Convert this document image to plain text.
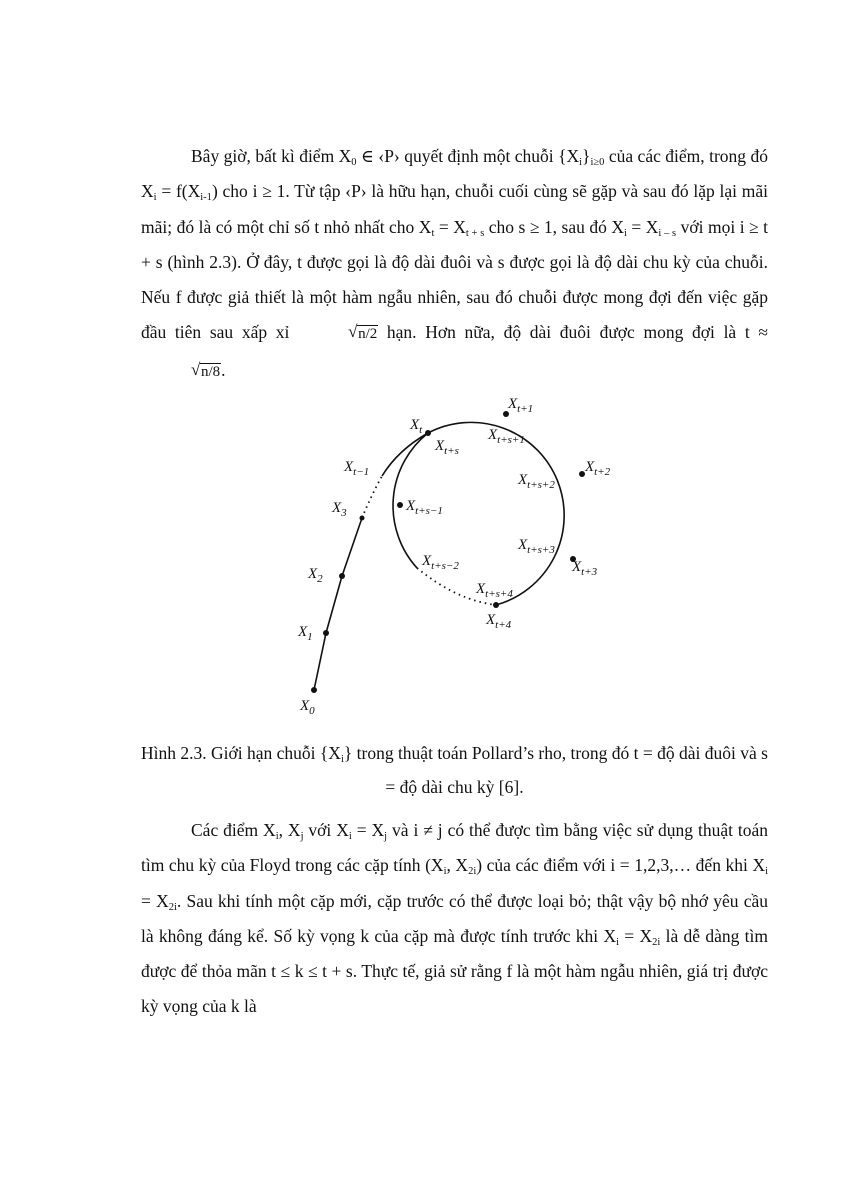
Bây giờ, bất kì điểm $X_0$ ∈ ‹P› quyết định một chuỗi $\{X_i\}_{i\ge 0}$ của các điểm, trong đó $X_i = f(X_{i-1})$ cho i ≥ 1. Từ tập ‹P› là hữu hạn, chuỗi cuối cùng sẽ gặp và sau đó lặp lại mãi mãi; đó là có một chỉ số t nhỏ nhất cho $X_t = X_{t + s}$ cho s ≥ 1, sau đó $X_i = X_{i - s}$ với mọi i ≥ t + s (hình 2.3). Ở đây, t được gọi là độ dài đuôi và s được gọi là độ dài chu kỳ của chuỗi. Nếu f được giả thiết là một hàm ngẫu nhiên, sau đó chuỗi được mong đợi đến việc gặp đầu tiên sau xấp xỉ	√ n/2 hạn. Hơn nữa, độ dài đuôi được mong đợi là t ≈
√ n/8.

$X_0$
$X_1$
$X_2$
$X_3$
$X_{t-1}$
$X_t$
$X_{t+s}$
$X_{t+1}$
$X_{t+s+1}$
$X_{t+2}$
$X_{t+s+2}$
$X_{t+s-1}$
$X_{t+s+3}$
$X_{t+3}$
$X_{t+s-2}$
$X_{t+s+4}$
$X_{t+4}$
Hình 2.3. Giới hạn chuỗi $\{X_i\}$ trong thuật toán Pollard’s rho, trong đó t = độ dài đuôi và s = độ dài chu kỳ [6].

Các điểm $X_i$, $X_j$ với $X_i = X_j$ và i ≠ j có thể được tìm bằng việc sử dụng thuật toán tìm chu kỳ của Floyd trong các cặp tính ($X_i$, $X_{2i}$) của các điểm với i = 1,2,3,… đến khi $X_i = X_{2i}$. Sau khi tính một cặp mới, cặp trước có thể được loại bỏ; thật vậy bộ nhớ yêu cầu là không đáng kể. Số kỳ vọng k của cặp mà được tính trước khi $X_i = X_{2i}$ là dễ dàng tìm được để thỏa mãn t ≤ k ≤ t + s. Thực tế, giả sử rằng f là một hàm ngẫu nhiên, giá trị được kỳ vọng của k là
